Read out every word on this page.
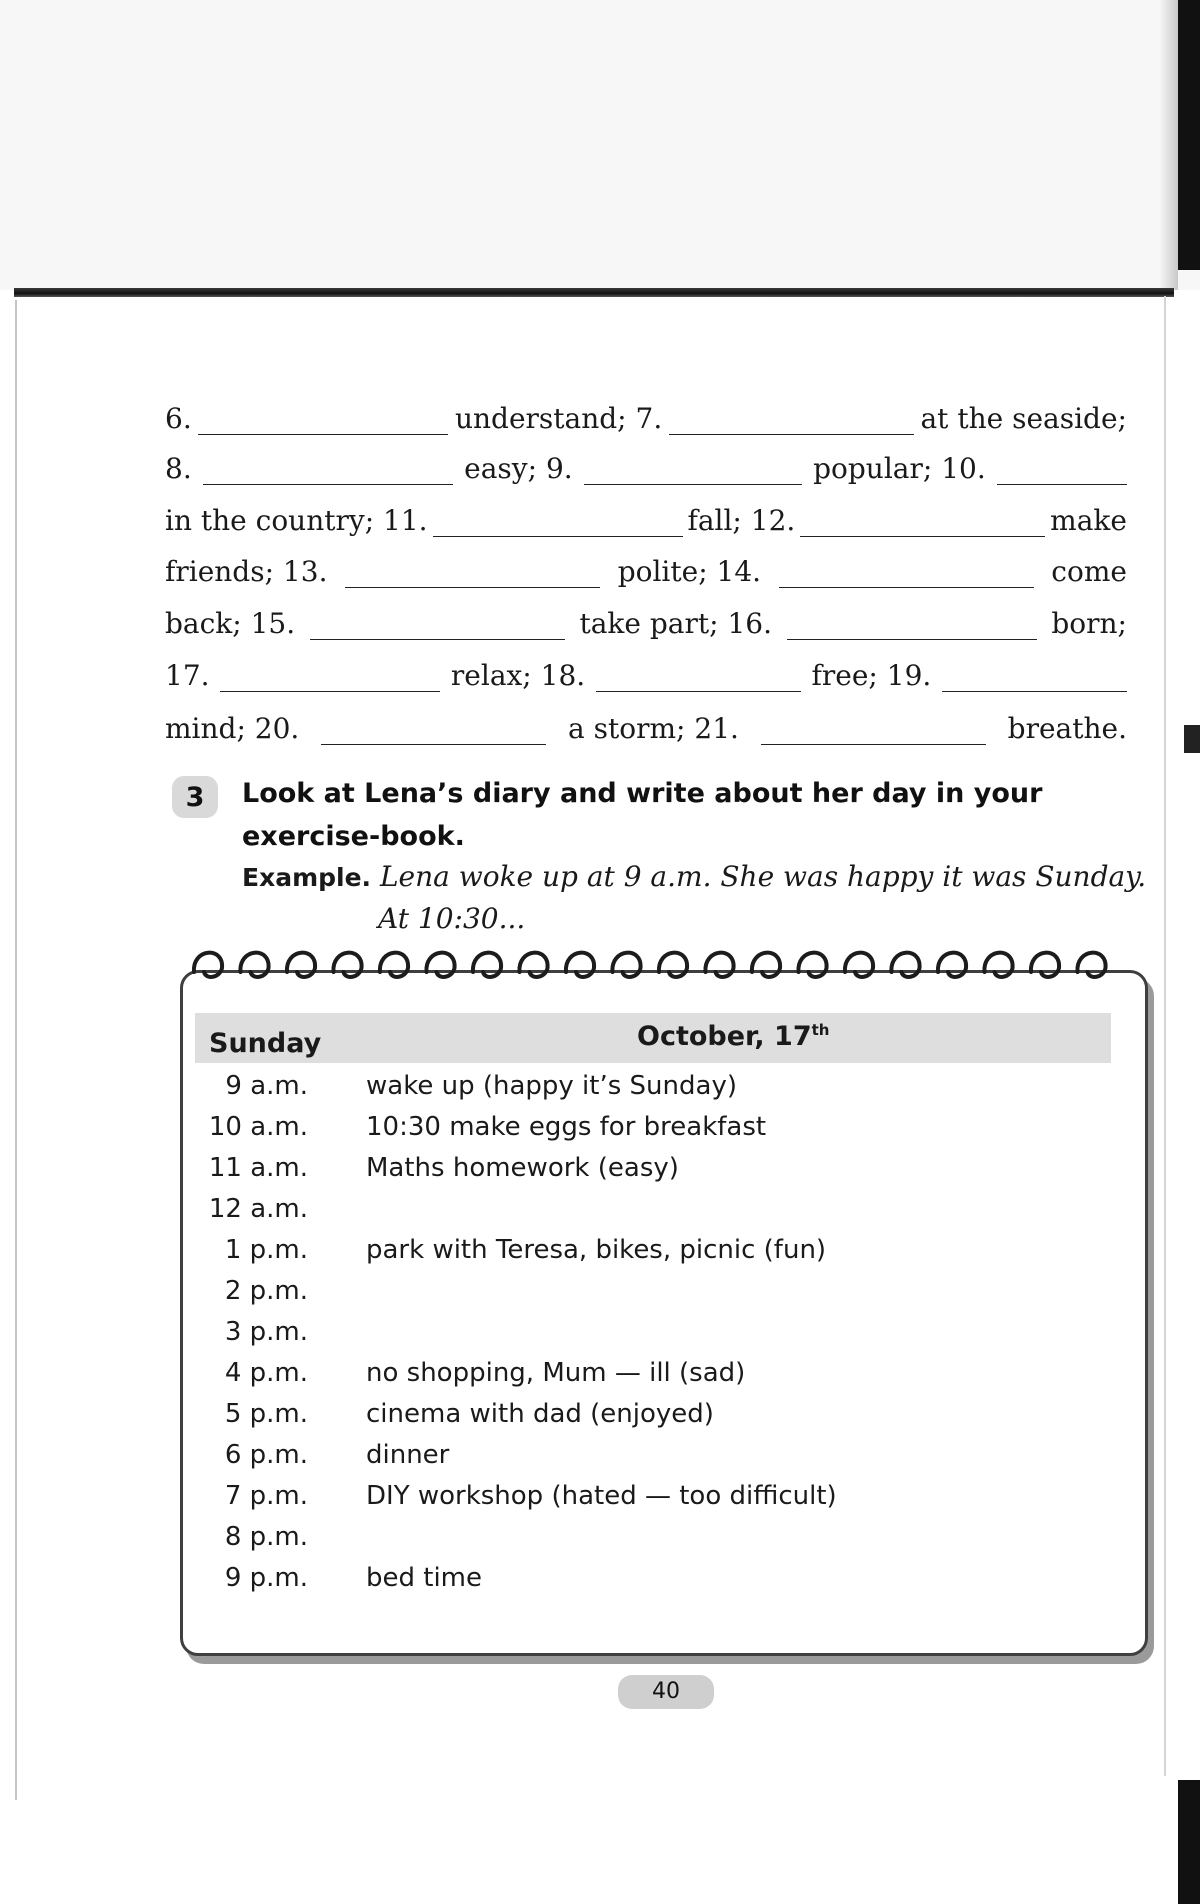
6.	understand; 7.	at the seaside;
8.	easy; 9.	popular; 10.
in the country; 11.	fall; 12.	make
friends; 13.	polite; 14.	come
back; 15.	take part; 16.	born;
17.	relax; 18.	free; 19.
mind; 20.	a storm; 21.	breathe.
3	Look at Lena’s diary and write about her day in your exercise-book.
Example. Lena woke up at 9 a.m. She was happy it was Sunday.
At 10:30...
Sunday	October, 17th
9 a.m. wake up (happy it’s Sunday)
10 a.m. 10:30 make eggs for breakfast
11 a.m. Maths homework (easy)
12 a.m.
1 p.m. park with Teresa, bikes, picnic (fun)
2 p.m.
3 p.m.
4 p.m. no shopping, Mum — ill (sad)
5 p.m. cinema with dad (enjoyed)
6 p.m. dinner
7 p.m. DIY workshop (hated — too difficult)
8 p.m.
9 p.m. bed time
40
